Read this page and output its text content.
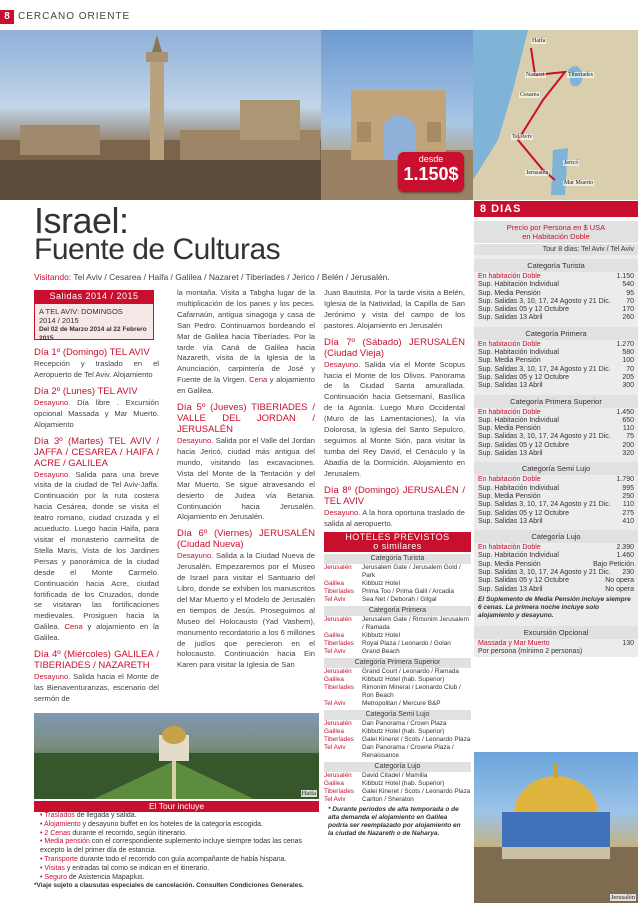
8 CERCANO ORIENTE
Haifa
Nazaret	Tiberiades
Cesarea
Tel Aviv
Jericó
Jerusalén
Mar Muerto
desde
1.150$
Israel:
Fuente de Culturas
Visitando: Tel Aviv / Cesarea / Haifa / Galilea / Nazaret / Tiberiades / Jerico / Belén / Jerusalén.
Salidas 2014 / 2015
A TEL AVIV: DOMINGOS
2014 / 2015
Del 02 de Marzo 2014 al 22 Febrero 2015
Día 1º (Domingo) TEL AVIV
Recepción y traslado en el Aeropuerto de Tel Aviv. Alojamiento
Día 2º (Lunes) TEL AVIV
Desayuno. Día libre . Excursión opcional Massada y Mar Muerto. Alojamiento
Día 3º (Martes) TEL AVIV / JAFFA / CESAREA / HAIFA / ACRE / GALILEA
Desayuno. Salida para una breve visita de la ciudad de Tel Aviv-Jaffa. Continuación por la ruta costera hacia Cesárea, donde se visita el teatro romano, ciudad cruzada y el acueducto. Luego hacia Haifa, para visitar el monasterio carmelita de Stella Maris, Vista de los Jardines Persas y panorámica de la ciudad desde el Monte Carmelo. Continuación hacia Acre, ciudad fortificada de los Cruzados, donde se visitaran las fortificaciones medievales. Prosiguen hacia la Galilea. Cena y alojamiento en la Galilea.
Día 4º (Miércoles) GALILEA / TIBERIADES / NAZARETH
Desayuno. Salida hacia el Monte de las Bienaventuranzas, escenario del sermón de
la montaña. Visita a Tabgha lugar de la multiplicación de los panes y los peces. Cafarnaún, antigua sinagoga y casa de San Pedro. Continuamos bordeando el Mar de Galilea hacia Tiberíades. Por la tarde vía Caná de Galilea hacia Nazareth, visita de la Iglesia de la Anunciación, carpintería de José y Fuente de la Virgen. Cena y alojamiento en Galilea.
Día 5º (Jueves) TIBERIADES / VALLE DEL JORDAN / JERUSALÉN
Desayuno. Salida por el Valle del Jordan hacia Jericó, ciudad más antigua del mundo, visitando las excavaciones. Vista del Monte de la Tentación y del Mar Muerto. Se sigue atravesando el desierto de Judea vía Betania. Continuación hacia Jerusalén. Alojamiento en Jerusalén.
Día 6º (Viernes) JERUSALÉN (Ciudad Nueva)
Desayuno. Salida a la Ciudad Nueva de Jerusalén. Empezaremos por el Museo de Israel para visitar el Santuario del Libro, donde se exhiben los manuscritos del Mar Muerto y el Modelo de Jerusalén en tiempos de Jesús. Proseguimos al Museo del Holocausto (Yad Vashem), monumento recordatorio a los 6 millones de judíos que perecieron en el holocausto. Continuación hacia Ein Karen para visitar la Iglesia de San
Juan Bautista. Por la tarde visita a Belén, Iglesia de la Natividad, la Capilla de San Jerónimo y vista del campo de los pastores. Alojamiento en Jerusalén
Día 7º (Sábado) JERUSALÉN (Ciudad Vieja)
Desayuno. Salida vía el Monte Scopus hacia el Monte de los Olivos. Panorama de la Ciudad Santa amurallada. Continuación hacia Getsemaní, Basílica de la Agonía. Luego Muro Occidental (Muro de las Lamentaciones), la vía Dolorosa, la Iglesia del Santo Sepulcro, seguimos al Monte Sión, para visitar la tumba del Rey David, el Cenáculo y la Abadía de la Dormición. Alojamiento en Jerusalem.
Día 8º (Domingo) JERUSALÉN / TEL AVIV
Desayuno. A la hora oportuna traslado de salida al aeropuerto.
HOTELES PREVISTOS
o similares
Categoría Turista
Jerusalén	Jerusalem Gate / Jerusalem Gold / Park
Galilea	Kibbutz Hotel
Tiberíades	Prima Too / Prima Galil / Arcadia
Tel Aviv	Sea Net / Deborah / Gilgal
Categoría Primera
Jerusalén	Jerusalem Gate / Rimonim Jerusalem / Ramada
Galilea	Kibbutz Hotel
Tiberíades	Royal Plaza / Leonardo / Golan
Tel Aviv	Grand Beach
Categoría Primera Superior
Jerusalén	Grand Court / Leonardo / Ramada
Galilea	Kibbutz Hotel (hab. Superior)
Tiberíades	Rimonim Mineral / Leonardo Club / Ron Beach
Tel Aviv	Metropolitan / Mercure B&P
Categoría Semi Lujo
Jerusalén	Dan Panorama / Crown Plaza
Galilea	Kibbutz Hotel (hab. Superior)
Tiberíades	Galei Kineret / Scots / Leonardo Plaza
Tel Aviv	Dan Panorama / Crowne Plaza / Renaissance
Categoría Lujo
Jerusalén	David Citadel / Mamilla
Galilea	Kibbutz Hotel (hab. Superior)
Tiberíades	Galei Kineret / Scots / Leonardo Plaza
Tel Aviv	Carlton / Sheraton
* Durante periodos de alta temporada o de alta demanda el alojamiento en Galilea podría ser reemplazado por alojamiento en la ciudad de Nazareth o de Naharya.
8 DIAS
Precio por Persona en $ USA
en Habitación Doble
Tour 8 días: Tel Aviv / Tel Aviv
Categoría Turista
En habitación Doble	1.150
Sup. Habitación Individual	540
Sup. Media Pensión	95
Sup. Salidas 3, 10, 17, 24 Agosto y 21 Dic. 70
Sup. Salidas 05 y 12 Octubre	170
Sup. Salidas 13 Abril	260
Categoría Primera
En habitación Doble	1.270
Sup. Habitación Individual	580
Sup. Media Pensión	100
Sup. Salidas 3, 10, 17, 24 Agosto y 21 Dic. 70
Sup. Salidas 05 y 12 Octubre	205
Sup. Salidas 13 Abril	300
Categoría Primera Superior
En habitación Doble	1.450
Sup. Habitación Individual	650
Sup. Media Pensión	110
Sup. Salidas 3, 10, 17, 24 Agosto y 21 Dic. 75
Sup. Salidas 05 y 12 Octubre	200
Sup. Salidas 13 Abril	320
Categoría Semi Lujo
En habitación Doble	1.790
Sup. Habitación Individual	995
Sup. Media Pensión	250
Sup. Salidas 3, 10, 17, 24 Agosto y 21 Dic. 110
Sup. Salidas 05 y 12 Octubre	275
Sup. Salidas 13 Abril	410
Categoría Lujo
En habitación Doble	2.390
Sup. Habitación Individual	1.460
Sup. Media Pensión	Bajo Petición
Sup. Salidas 3, 10, 17, 24 Agosto y 21 Dic. 230
Sup. Salidas 05 y 12 Octubre	No opera
Sup. Salidas 13 Abril	No opera
El Suplemento de Media Pensión incluye siempre 6 cenas. La primera noche incluye solo alojamiento y desayuno.
Excursión Opcional
Massada y Mar Muerto	130
Por persona (mínimo 2 personas)
Haifa
El Tour incluye
• Traslados de llegada y salida.
• Alojamiento y desayuno buffet en los hoteles de la categoría escogida.
• 2 Cenas durante el recorrido, según itinerario.
• Media pensión con el correspondiente suplemento incluye siempre todas las cenas excepto la del primer día de estancia.
• Transporte durante todo el recorrido con guía acompañante de habla hispana.
• Visitas y entradas tal como se indican en el itinerario.
• Seguro de Asistencia Mapaplus.
Jerusalén
*Viaje sujeto a clausulas especiales de cancelación. Consulten Condiciones Generales.
